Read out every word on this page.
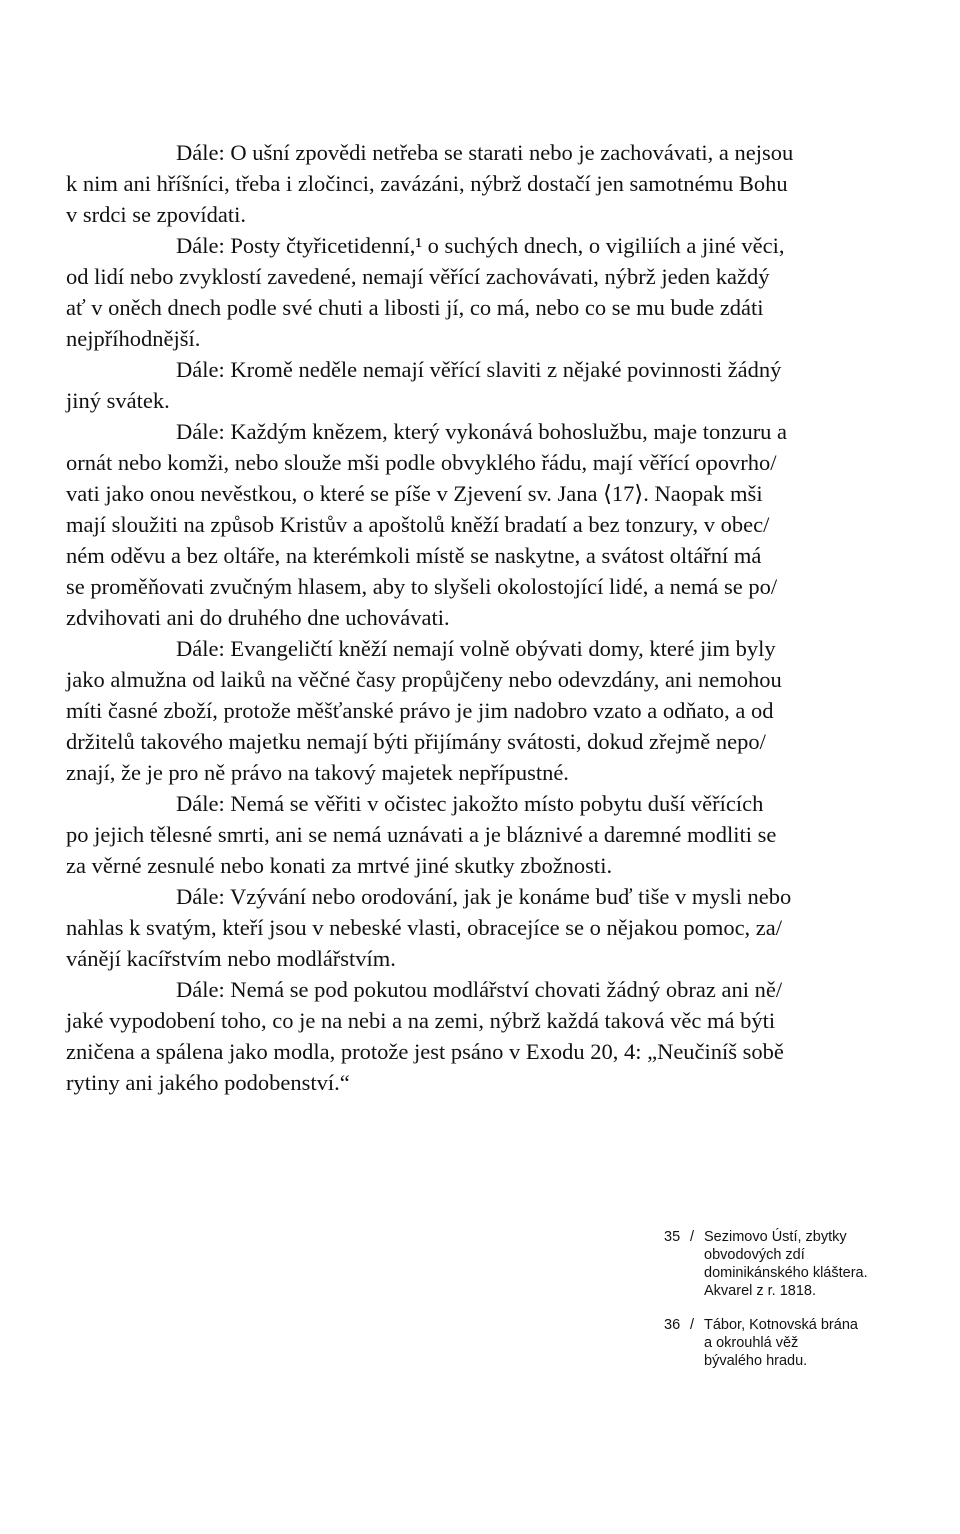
Dále: O ušní zpovědi netřeba se starati nebo je zachovávati, a nejsou
k nim ani hříšníci, třeba i zločinci, zavázáni, nýbrž dostačí jen samotnému Bohu
v srdci se zpovídati.
Dále: Posty čtyřicetidenní,¹ o suchých dnech, o vigiliích a jiné věci,
od lidí nebo zvyklostí zavedené, nemají věřící zachovávati, nýbrž jeden každý
ať v oněch dnech podle své chuti a libosti jí, co má, nebo co se mu bude zdáti
nejpříhodnější.
Dále: Kromě neděle nemají věřící slaviti z nějaké povinnosti žádný
jiný svátek.
Dále: Každým knězem, který vykonává bohoslužbu, maje tonzuru a
ornát nebo komži, nebo slouže mši podle obvyklého řádu, mají věřící opovrho/
vati jako onou nevěstkou, o které se píše v Zjevení sv. Jana ⟨17⟩. Naopak mši
mají sloužiti na způsob Kristův a apoštolů kněží bradatí a bez tonzury, v obec/
ném oděvu a bez oltáře, na kterémkoli místě se naskytne, a svátost oltářní má
se proměňovati zvučným hlasem, aby to slyšeli okolostojící lidé, a nemá se po/
zdvihovati ani do druhého dne uchovávati.
Dále: Evangeličtí kněží nemají volně obývati domy, které jim byly
jako almužna od laiků na věčné časy propůjčeny nebo odevzdány, ani nemohou
míti časné zboží, protože měšťanské právo je jim nadobro vzato a odňato, a od
držitelů takového majetku nemají býti přijímány svátosti, dokud zřejmě nepo/
znají, že je pro ně právo na takový majetek nepřípustné.
Dále: Nemá se věřiti v očistec jakožto místo pobytu duší věřících
po jejich tělesné smrti, ani se nemá uznávati a je bláznivé a daremné modliti se
za věrné zesnulé nebo konati za mrtvé jiné skutky zbožnosti.
Dále: Vzývání nebo orodování, jak je konáme buď tiše v mysli nebo
nahlas k svatým, kteří jsou v nebeské vlasti, obracejíce se o nějakou pomoc, za/
vánějí kacířstvím nebo modlářstvím.
Dále: Nemá se pod pokutou modlářství chovati žádný obraz ani ně/
jaké vypodobení toho, co je na nebi a na zemi, nýbrž každá taková věc má býti
zničena a spálena jako modla, protože jest psáno v Exodu 20, 4: „Neučiníš sobě
rytiny ani jakého podobenství.“
35 / Sezimovo Ústí, zbytky
obvodových zdí
dominikánského kláštera.
Akvarel z r. 1818.
36 / Tábor, Kotnovská brána
a okrouhlá věž
bývalého hradu.
